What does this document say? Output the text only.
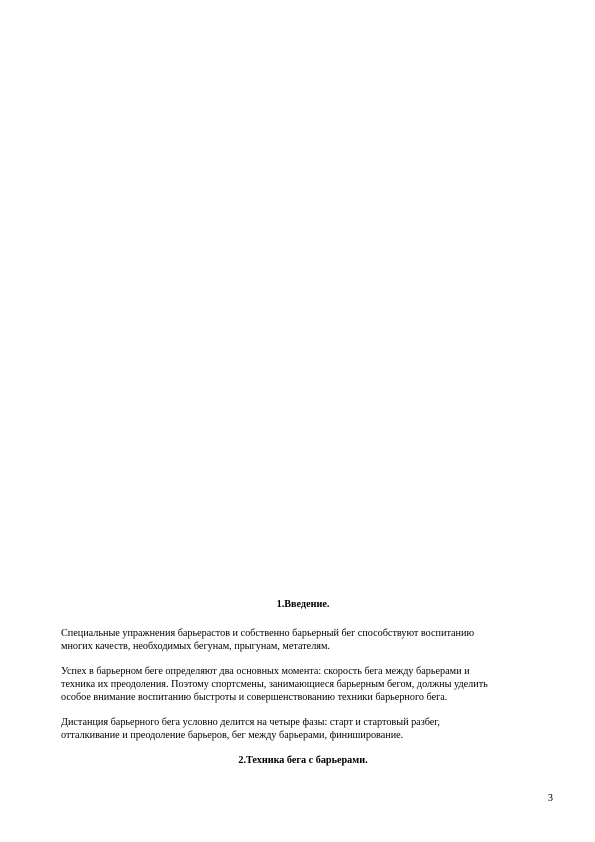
1.Введение.

Специальные упражнения барьерастов и собственно барьерный бег способствуют воспитанию
многих качеств, необходимых бегунам, прыгунам, метателям.

Успех в барьерном беге определяют два основных момента: скорость бега между барьерами и
техника их преодоления. Поэтому спортсмены, занимающиеся барьерным бегом, должны уделить
особое внимание воспитанию быстроты и совершенствованию техники барьерного бега.

Дистанция барьерного бега условно делится на четыре фазы: старт и стартовый разбег,
отталкивание и преодоление барьеров, бег между барьерами, финиширование.

2.Техника бега с барьерами.

3
